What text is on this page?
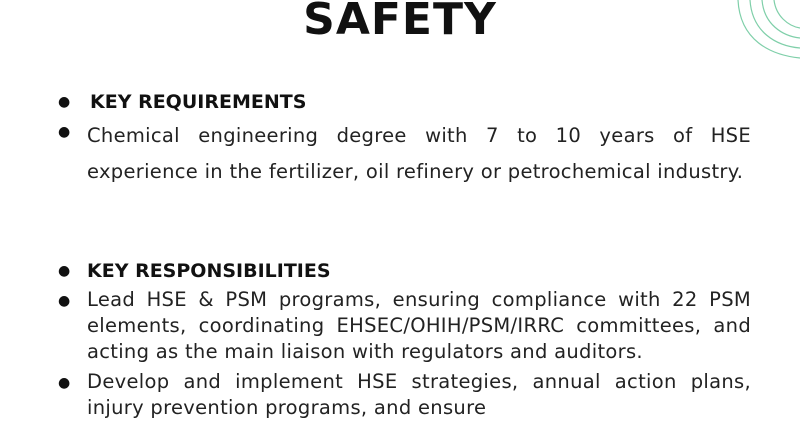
SAFETY
● KEY REQUIREMENTS
● Chemical engineering degree with 7 to 10 years of HSE experience in the fertilizer, oil refinery or petrochemical industry.
● KEY RESPONSIBILITIES
● Lead HSE & PSM programs, ensuring compliance with 22 PSM elements, coordinating EHSEC/OHIH/PSM/IRRC committees, and acting as the main liaison with regulators and auditors.
● Develop and implement HSE strategies, annual action plans, injury prevention programs, and ensure
